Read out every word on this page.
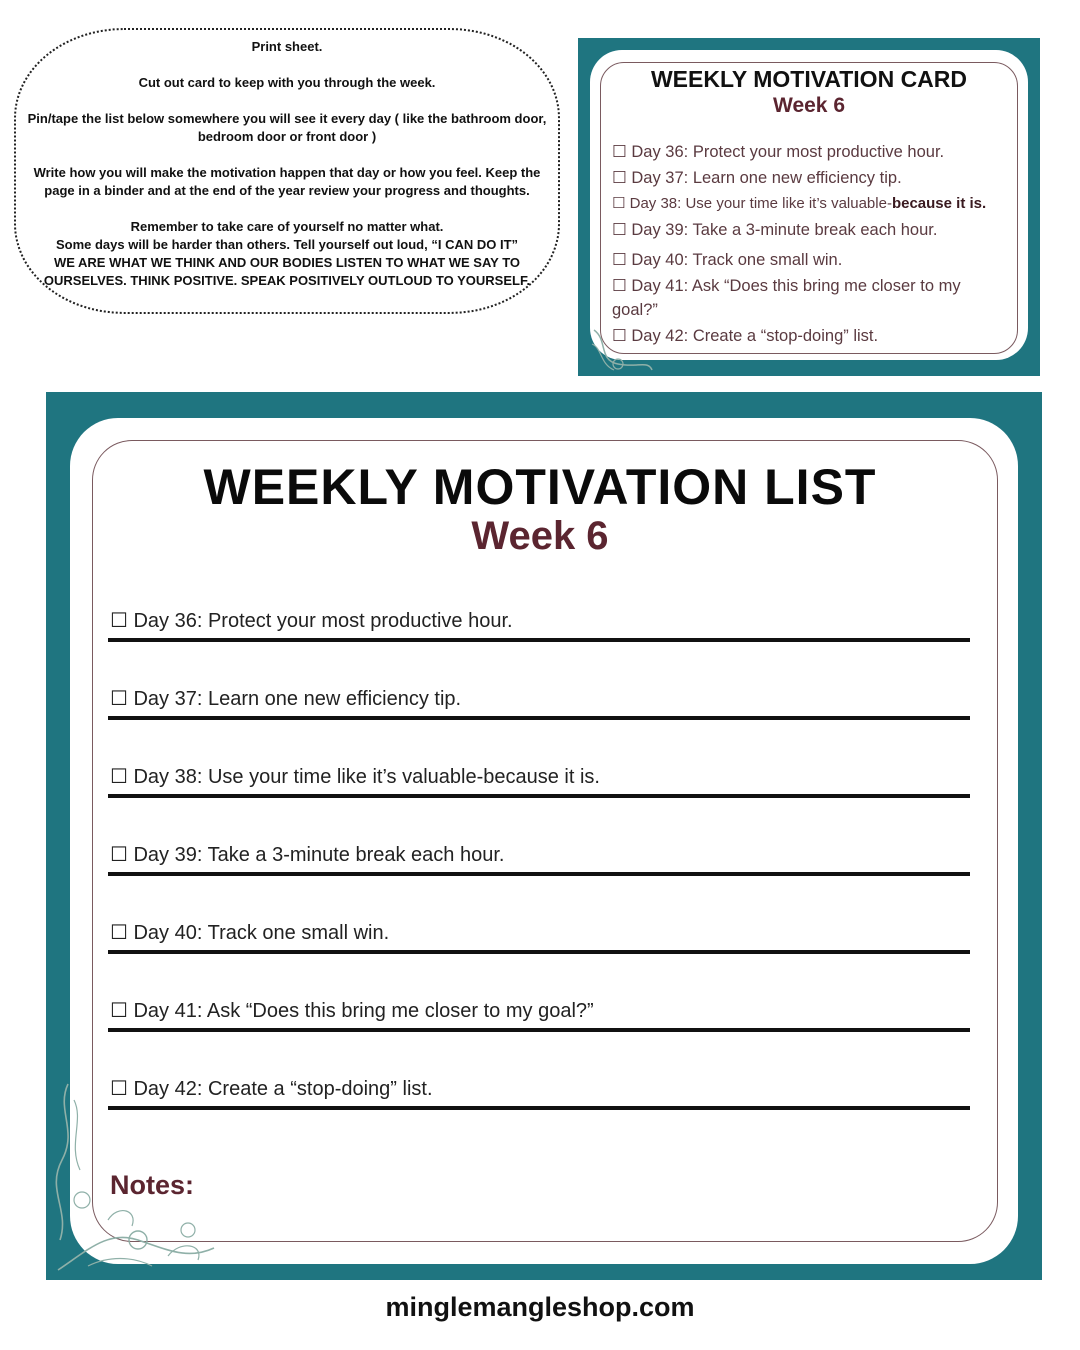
Print sheet.

Cut out card to keep with you through the week.

Pin/tape the list below somewhere you will see it every day ( like the bathroom door, bedroom door or front door )

Write how you will make the motivation happen that day or how you feel. Keep the page in a binder and at the end of the year review your progress and thoughts.

Remember to take care of yourself no matter what.

Some days will be harder than others. Tell yourself out loud, “I CAN DO IT”

WE ARE WHAT WE THINK AND OUR BODIES LISTEN TO WHAT WE SAY TO OURSELVES. THINK POSITIVE. SPEAK POSITIVELY OUTLOUD TO YOURSELF.

WEEKLY MOTIVATION CARD
Week 6

☐ Day 36: Protect your most productive hour.

☐ Day 37: Learn one new efficiency tip.

☐ Day 38: Use your time like it’s valuable-because it is.

☐ Day 39: Take a 3-minute break each hour.

☐ Day 40: Track one small win.

☐ Day 41: Ask “Does this bring me closer to my goal?”

☐ Day 42: Create a “stop-doing” list.

WEEKLY MOTIVATION LIST
Week 6
☐ Day 36: Protect your most productive hour.
☐ Day 37: Learn one new efficiency tip.
☐ Day 38: Use your time like it’s valuable-because it is.
☐ Day 39: Take a 3-minute break each hour.
☐ Day 40: Track one small win.
☐ Day 41: Ask “Does this bring me closer to my goal?”
☐ Day 42: Create a “stop-doing” list.
Notes:
minglemangleshop.com
